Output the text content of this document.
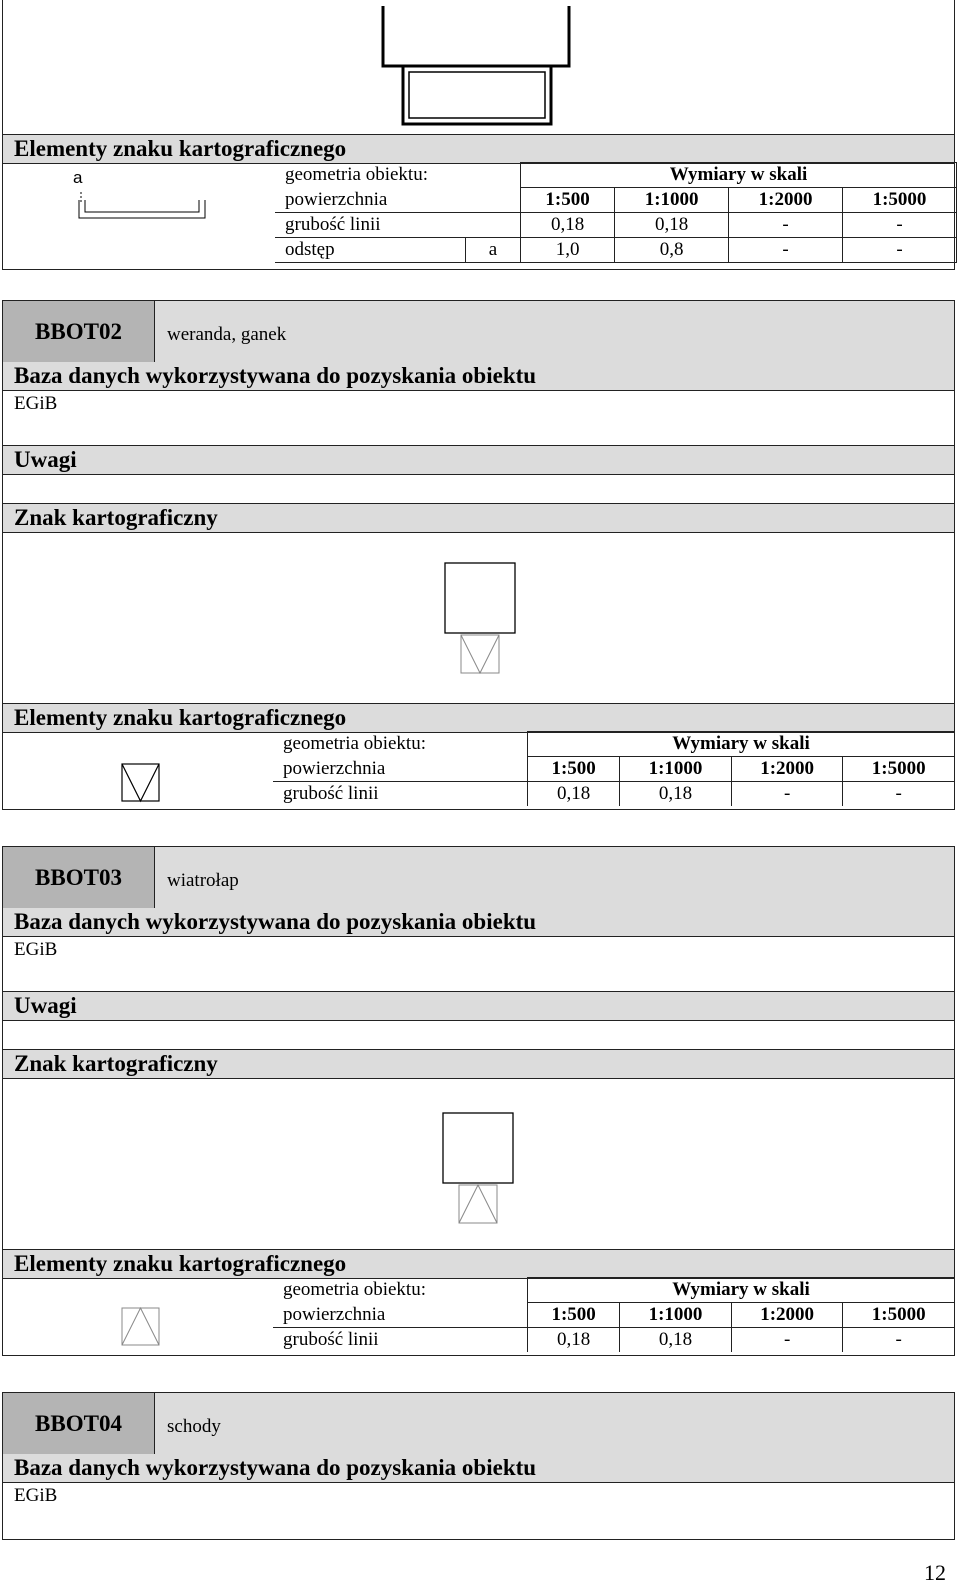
Elementy znaku kartograficznego
a	geometria obiektu:		Wymiary w skali			
powierzchnia		1:500	1:1000	1:2000	1:5000
grubość linii		0,18	0,18	-	-
odstęp	a	1,0	0,8	-	-
BBOT02	weranda, ganek
Baza danych wykorzystywana do pozyskania obiektu
EGiB
Uwagi
Znak kartograficzny
Elementy znaku kartograficznego
geometria obiektu:	Wymiary w skali			
powierzchnia	1:500	1:1000	1:2000	1:5000
grubość linii	0,18	0,18	-	-
BBOT03	wiatrołap
Baza danych wykorzystywana do pozyskania obiektu
EGiB
Uwagi
Znak kartograficzny
Elementy znaku kartograficznego
geometria obiektu:	Wymiary w skali			
powierzchnia	1:500	1:1000	1:2000	1:5000
grubość linii	0,18	0,18	-	-
BBOT04	schody
Baza danych wykorzystywana do pozyskania obiektu
EGiB
12
